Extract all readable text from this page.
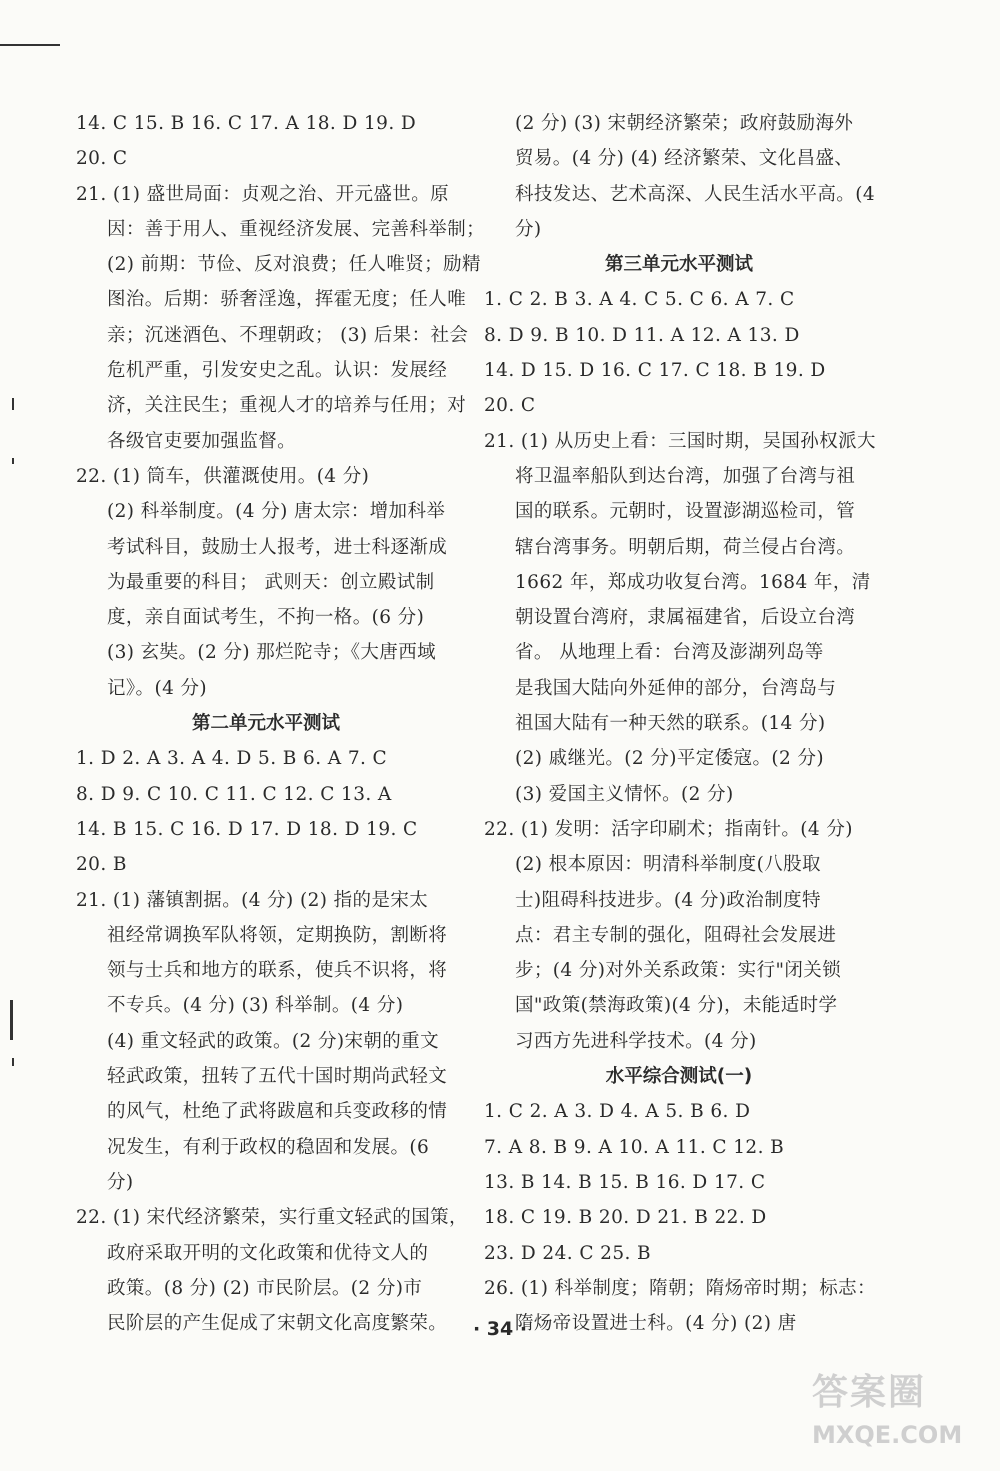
14. C 15. B 16. C 17. A 18. D 19. D
20. C
21. (1) 盛世局面：贞观之治、开元盛世。原
因：善于用人、重视经济发展、完善科举制；
(2) 前期：节俭、反对浪费；任人唯贤；励精
图治。后期：骄奢淫逸，挥霍无度；任人唯
亲；沉迷酒色、不理朝政； (3) 后果：社会
危机严重，引发安史之乱。认识：发展经
济，关注民生；重视人才的培养与任用；对
各级官吏要加强监督。
22. (1) 筒车，供灌溉使用。(4 分)
(2) 科举制度。(4 分) 唐太宗：增加科举
考试科目，鼓励士人报考，进士科逐渐成
为最重要的科目； 武则天：创立殿试制
度，亲自面试考生，不拘一格。(6 分)
(3) 玄奘。(2 分) 那烂陀寺；《大唐西域
记》。(4 分)
第二单元水平测试
1. D 2. A 3. A 4. D 5. B 6. A 7. C
8. D 9. C 10. C 11. C 12. C 13. A
14. B 15. C 16. D 17. D 18. D 19. C
20. B
21. (1) 藩镇割据。(4 分) (2) 指的是宋太
祖经常调换军队将领，定期换防，割断将
领与士兵和地方的联系，使兵不识将，将
不专兵。(4 分) (3) 科举制。(4 分)
(4) 重文轻武的政策。(2 分)宋朝的重文
轻武政策，扭转了五代十国时期尚武轻文
的风气，杜绝了武将跋扈和兵变政移的情
况发生，有利于政权的稳固和发展。(6
分)
22. (1) 宋代经济繁荣，实行重文轻武的国策，
政府采取开明的文化政策和优待文人的
政策。(8 分) (2) 市民阶层。(2 分)市
民阶层的产生促成了宋朝文化高度繁荣。
(2 分) (3) 宋朝经济繁荣；政府鼓励海外
贸易。(4 分) (4) 经济繁荣、文化昌盛、
科技发达、艺术高深、人民生活水平高。(4
分)
第三单元水平测试
1. C 2. B 3. A 4. C 5. C 6. A 7. C
8. D 9. B 10. D 11. A 12. A 13. D
14. D 15. D 16. C 17. C 18. B 19. D
20. C
21. (1) 从历史上看：三国时期，吴国孙权派大
将卫温率船队到达台湾，加强了台湾与祖
国的联系。元朝时，设置澎湖巡检司，管
辖台湾事务。明朝后期，荷兰侵占台湾。
1662 年，郑成功收复台湾。1684 年，清
朝设置台湾府，隶属福建省，后设立台湾
省。 从地理上看：台湾及澎湖列岛等
是我国大陆向外延伸的部分，台湾岛与
祖国大陆有一种天然的联系。(14 分)
(2) 戚继光。(2 分)平定倭寇。(2 分)
(3) 爱国主义情怀。(2 分)
22. (1) 发明：活字印刷术；指南针。(4 分)
(2) 根本原因：明清科举制度(八股取
士)阻碍科技进步。(4 分)政治制度特
点：君主专制的强化，阻碍社会发展进
步；(4 分)对外关系政策：实行"闭关锁
国"政策(禁海政策)(4 分)，未能适时学
习西方先进科学技术。(4 分)
水平综合测试(一)
1. C 2. A 3. D 4. A 5. B 6. D
7. A 8. B 9. A 10. A 11. C 12. B
13. B 14. B 15. B 16. D 17. C
18. C 19. B 20. D 21. B 22. D
23. D 24. C 25. B
26. (1) 科举制度；隋朝；隋炀帝时期；标志：
隋炀帝设置进士科。(4 分) (2) 唐
· 34 ·
答案圈
MXQE.COM
